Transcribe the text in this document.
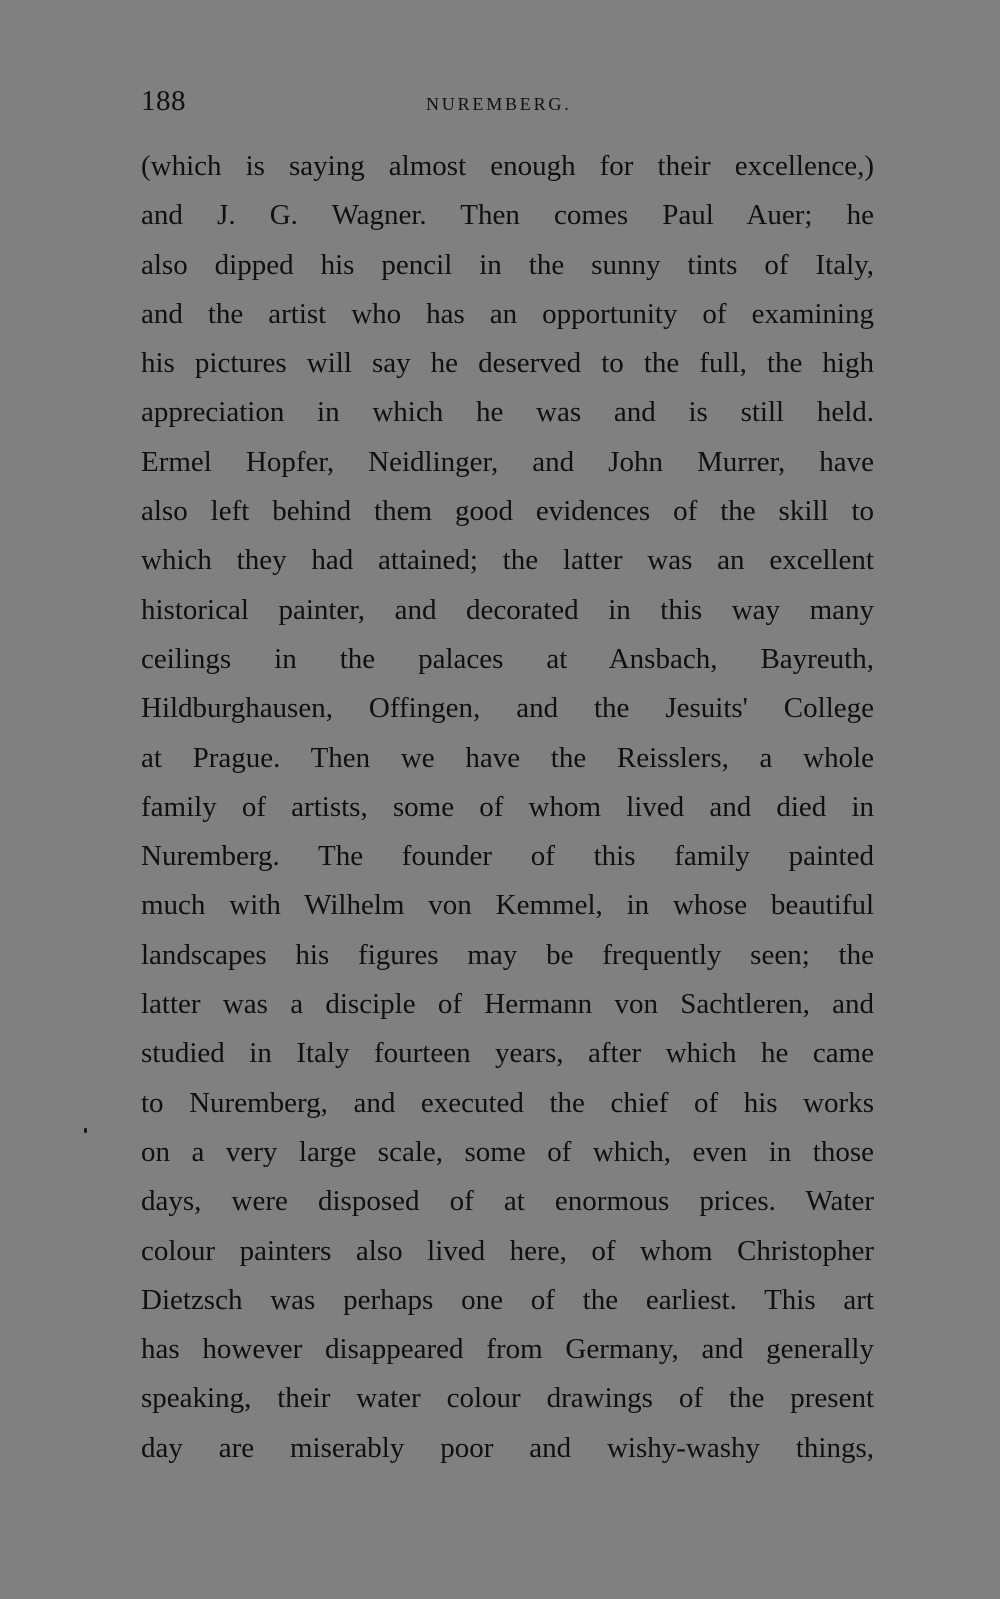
188	NUREMBERG.
(which is saying almost enough for their excellence,)
and J. G. Wagner. Then comes Paul Auer; he
also dipped his pencil in the sunny tints of Italy,
and the artist who has an opportunity of examining
his pictures will say he deserved to the full, the high
appreciation in which he was and is still held.
Ermel Hopfer, Neidlinger, and John Murrer, have
also left behind them good evidences of the skill to
which they had attained; the latter was an excellent
historical painter, and decorated in this way many
ceilings in the palaces at Ansbach, Bayreuth,
Hildburghausen, Offingen, and the Jesuits' College
at Prague. Then we have the Reisslers, a whole
family of artists, some of whom lived and died in
Nuremberg. The founder of this family painted
much with Wilhelm von Kemmel, in whose beautiful
landscapes his figures may be frequently seen; the
latter was a disciple of Hermann von Sachtleren, and
studied in Italy fourteen years, after which he came
to Nuremberg, and executed the chief of his works
on a very large scale, some of which, even in those
days, were disposed of at enormous prices. Water
colour painters also lived here, of whom Christopher
Dietzsch was perhaps one of the earliest. This art
has however disappeared from Germany, and generally
speaking, their water colour drawings of the present
day are miserably poor and wishy-washy things,
